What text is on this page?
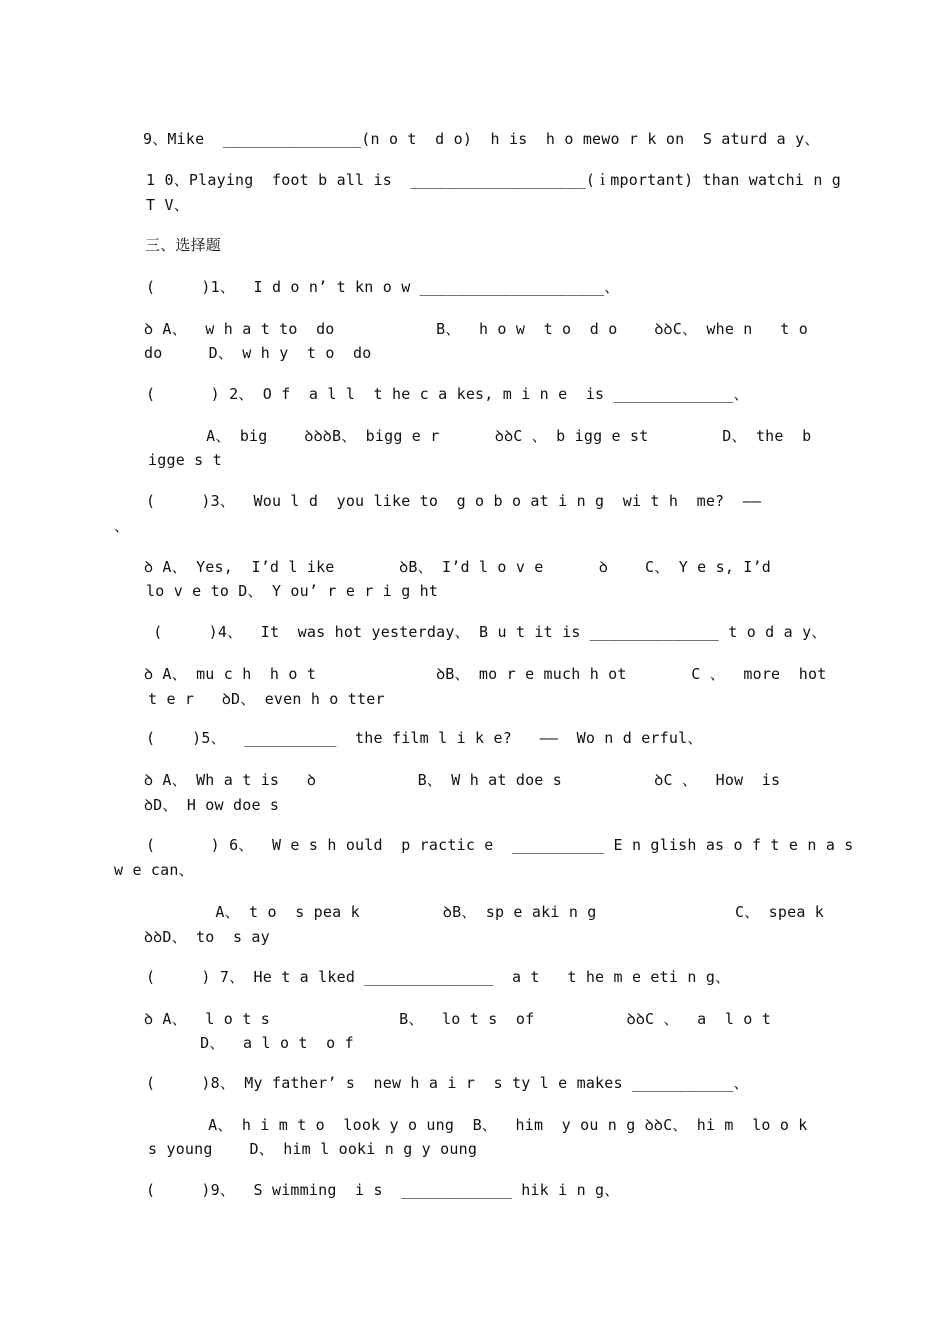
9、Mike  _______________(n o t  d o)  h is  h o mewo r k on  S aturd a y、
1 0、Playing  foot b all is  ___________________(ｉmportant) than watchi n g
T V、
三、选择题
(     )1、  I d o n’ t kn o w ____________________、
ꝺ A、  w h a t to  do           B、  h o w  t o  d o    ꝺꝺC、 whe n   t o
do     D、 w h y  t o  do
(      ) 2、 O f  a l l  t he c a kes, m i n e  is _____________、
A、 big    ꝺꝺꝺB、 bigg e r      ꝺꝺC 、 b igg e st        D、 the  b
igge s t
(     )3、  Wou l d  you like to  g o b o at i n g  wi t h  me?  ——
、
ꝺ A、 Yes,  I’d l ike       ꝺB、 I’d l o v e      ꝺ    C、 Y e s, I’d
lo v e to D、 Y ou’ r e r i g ht
(     )4、  It  was hot yesterday、 B u t it is ______________ t o d a y、
ꝺ A、 mu c h  h o t             ꝺB、 mo r e much h ot       C 、  more  hot
t e r   ꝺD、 even h o tter
(    )5、  __________  the film l i k e?   ——  Wo n d erful、
ꝺ A、 Wh a t is   ꝺ           B、 W h at doe s          ꝺC 、  How  is
ꝺD、 H ow doe s
(      ) 6、  W e s h ould  p ractic e  __________ E n glish as o f t e n a s
w e can、
A、 t o  s pea k         ꝺB、 sp e aki n g               C、 spea k
ꝺꝺD、 to  s ay
(     ) 7、 He t a lked ______________  a t   t he m e eti n g、
ꝺ A、  l o t s              B、  lo t s  of          ꝺꝺC 、  a  l o t
D、  a l o t  o f
(     )8、 My father’ s  new h a i r  s ty l e makes ___________、
A、 h i m t o  look y o ung  B、  him  y ou n g ꝺꝺC、 hi m  lo o k
s young    D、 him l ooki n g y oung
(     )9、  S wimming  i s  ____________ hik i n g、
